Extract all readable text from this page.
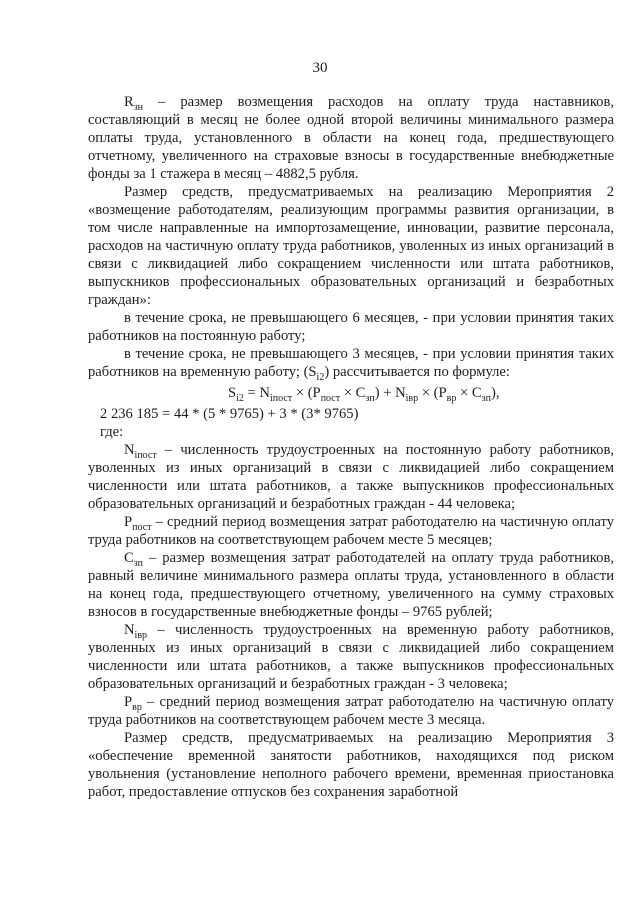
30

$R_{зн}$ – размер возмещения расходов на оплату труда наставников, составляющий в месяц не более одной второй величины минимального размера оплаты труда, установленного в области на конец года, предшествующего отчетному, увеличенного на страховые взносы в государственные внебюджетные фонды за 1 стажера в месяц – 4882,5 рубля.

Размер средств, предусматриваемых на реализацию Мероприятия 2 «возмещение работодателям, реализующим программы развития организации, в том числе направленные на импортозамещение, инновации, развитие персонала, расходов на частичную оплату труда работников, уволенных из иных организаций в связи с ликвидацией либо сокращением численности или штата работников, выпускников профессиональных образовательных организаций и безработных граждан»:

в течение срока, не превышающего 6 месяцев, - при условии принятия таких работников на постоянную работу;

в течение срока, не превышающего 3 месяцев, - при условии принятия таких работников на временную работу; $(S_{i2})$ рассчитывается по формуле:

$S_{i2} = N_{iпост} \times (P_{пост} \times C_{зп}) + N_{iвр} \times (P_{вр} \times C_{зп})$,

2 236 185 = 44 * (5 * 9765) + 3 * (3* 9765)

где:

$N_{iпост}$ – численность трудоустроенных на постоянную работу работников, уволенных из иных организаций в связи с ликвидацией либо сокращением численности или штата работников, а также выпускников профессиональных образовательных организаций и безработных граждан - 44 человека;

$P_{пост}$ – средний период возмещения затрат работодателю на частичную оплату труда работников на соответствующем рабочем месте 5 месяцев;

$C_{зп}$ – размер возмещения затрат работодателей на оплату труда работников, равный величине минимального размера оплаты труда, установленного в области на конец года, предшествующего отчетному, увеличенного на сумму страховых взносов в государственные внебюджетные фонды – 9765 рублей;

$N_{iвр}$ – численность трудоустроенных на временную работу работников, уволенных из иных организаций в связи с ликвидацией либо сокращением численности или штата работников, а также выпускников профессиональных образовательных организаций и безработных граждан - 3 человека;

$P_{вр}$ – средний период возмещения затрат работодателю на частичную оплату труда работников на соответствующем рабочем месте 3 месяца.

Размер средств, предусматриваемых на реализацию Мероприятия 3 «обеспечение временной занятости работников, находящихся под риском увольнения (установление неполного рабочего времени, временная приостановка работ, предоставление отпусков без сохранения заработной
